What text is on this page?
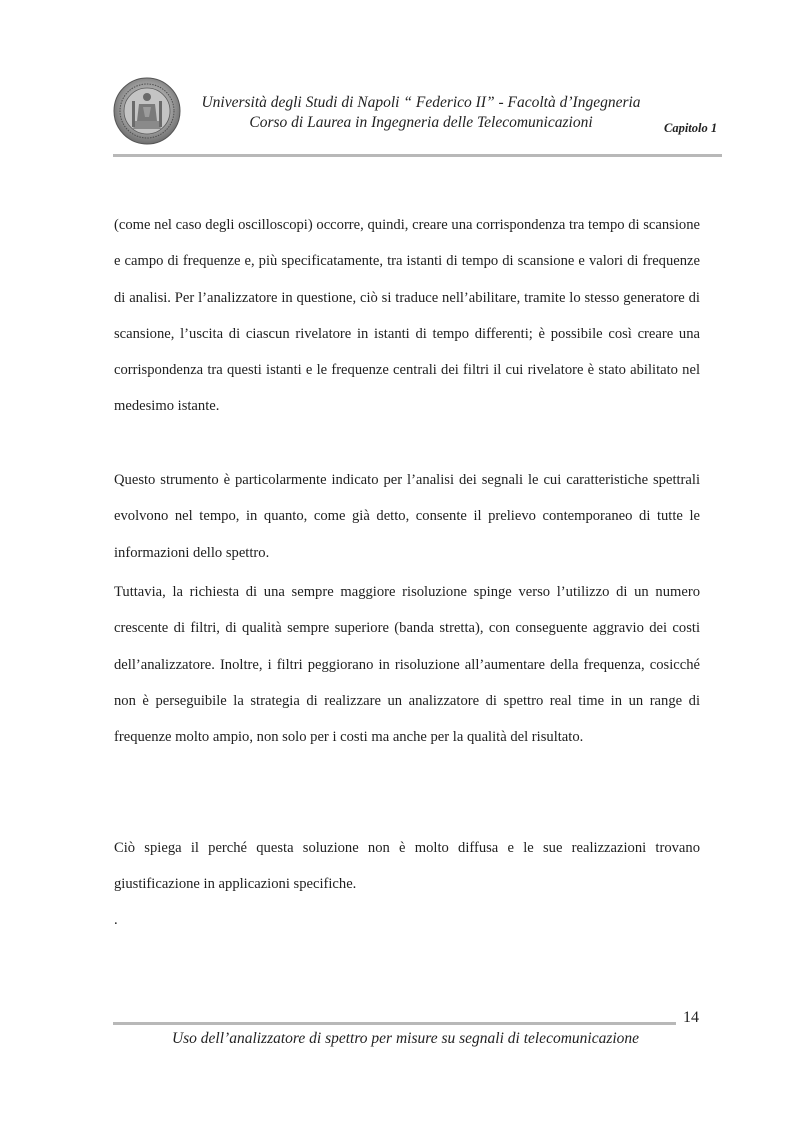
Università degli Studi di Napoli “ Federico II” - Facoltà d’Ingegneria
Corso di Laurea in Ingegneria delle Telecomunicazioni	Capitolo 1

(come nel caso degli oscilloscopi) occorre, quindi, creare una corrispondenza tra tempo di scansione e campo di frequenze e, più specificatamente, tra istanti di tempo di scansione e valori di frequenze di analisi. Per l’analizzatore in questione, ciò si traduce nell’abilitare, tramite lo stesso generatore di scansione, l’uscita di ciascun rivelatore in istanti di tempo differenti; è possibile così creare una corrispondenza tra questi istanti e le frequenze centrali dei filtri il cui rivelatore è stato abilitato nel medesimo istante.

Questo strumento è particolarmente indicato per l’analisi dei segnali le cui caratteristiche spettrali evolvono nel tempo, in quanto, come già detto, consente il prelievo contemporaneo di tutte le informazioni dello spettro.

Tuttavia, la richiesta di una sempre maggiore risoluzione spinge verso l’utilizzo di un numero crescente di filtri, di qualità sempre superiore (banda stretta), con conseguente aggravio dei costi dell’analizzatore. Inoltre, i filtri peggiorano in risoluzione all’aumentare della frequenza, cosicché non è perseguibile la strategia di realizzare un analizzatore di spettro real time in un range di frequenze molto ampio, non solo per i costi ma anche per la qualità del risultato.

Ciò spiega il perché questa soluzione non è molto diffusa e le sue realizzazioni trovano giustificazione in applicazioni specifiche.

.
14
Uso dell’analizzatore di spettro per misure su segnali di telecomunicazione
